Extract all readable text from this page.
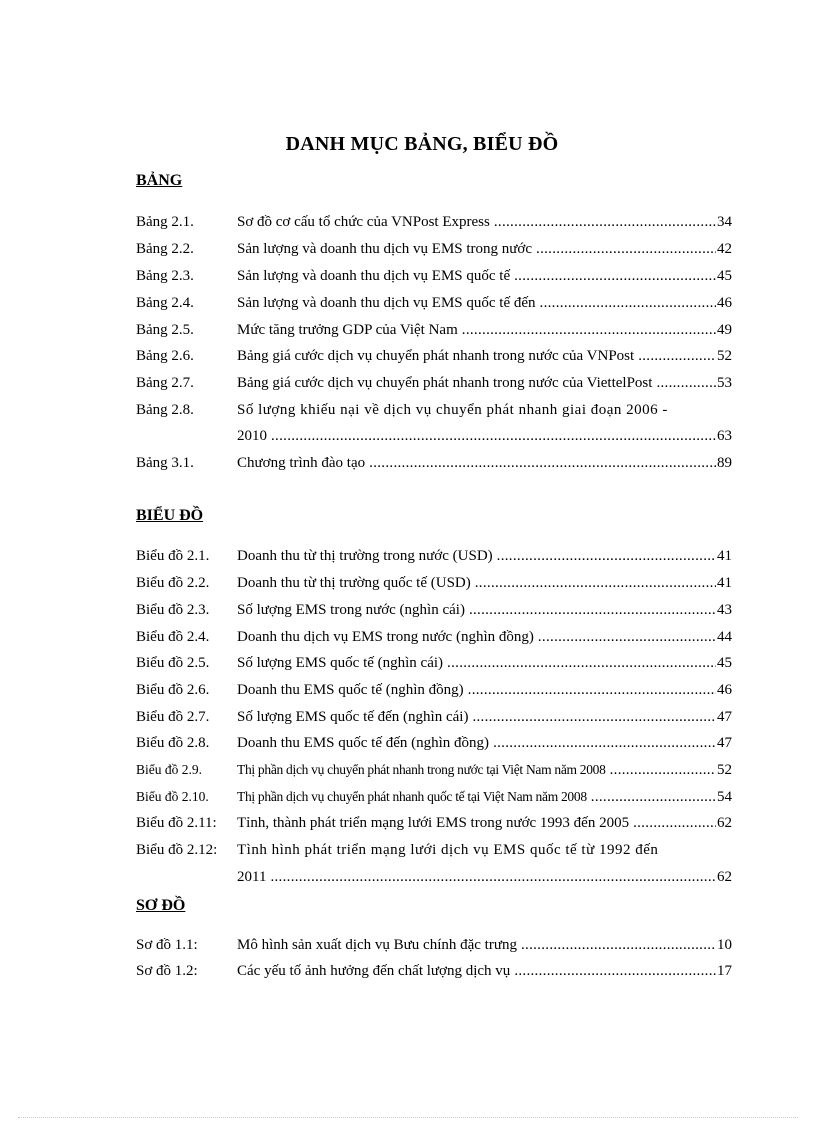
DANH MỤC BẢNG, BIỂU ĐỒ
BẢNG
Bảng 2.1.	Sơ đồ cơ cấu tổ chức của VNPost Express .....	34
Bảng 2.2.	Sản lượng và doanh thu dịch vụ EMS trong nước .....	42
Bảng 2.3.	Sản lượng và doanh thu dịch vụ EMS quốc tế .....	45
Bảng 2.4.	Sản lượng và doanh thu dịch vụ EMS quốc tế đến .....	46
Bảng 2.5.	Mức tăng trưởng GDP của Việt Nam .....	49
Bảng 2.6.	Bảng giá cước dịch vụ chuyển phát nhanh trong nước của VNPost .....	52
Bảng 2.7.	Bảng giá cước dịch vụ chuyển phát nhanh trong nước của ViettelPost .....	53
Bảng 2.8.	Số lượng khiếu nại về dịch vụ chuyển phát nhanh giai đoạn 2006 -
2010 .....	63
Bảng 3.1.	Chương trình đào tạo .....	89
BIỂU ĐỒ
Biểu đồ 2.1. Doanh thu từ thị trường trong nước (USD) .....	41
Biểu đồ 2.2. Doanh thu từ thị trường quốc tế (USD) .....	41
Biểu đồ 2.3. Số lượng EMS trong nước (nghìn cái) .....	43
Biểu đồ 2.4. Doanh thu dịch vụ EMS trong nước (nghìn đồng) .....	44
Biểu đồ 2.5. Số lượng EMS quốc tế (nghìn cái) .....	45
Biểu đồ 2.6. Doanh thu EMS quốc tế (nghìn đồng) .....	46
Biểu đồ 2.7. Số lượng EMS quốc tế đến (nghìn cái) .....	47
Biểu đồ 2.8. Doanh thu EMS quốc tế đến (nghìn đồng) .....	47
Biểu đồ 2.9.	Thị phần dịch vụ chuyển phát nhanh trong nước tại Việt Nam năm 2008 .....	52
Biểu đồ 2.10. Thị phần dịch vụ chuyển phát nhanh quốc tế tại Việt Nam năm 2008 .....	54
Biểu đồ 2.11: Tỉnh, thành phát triển mạng lưới EMS trong nước 1993 đến 2005 .....	62
Biểu đồ 2.12: Tình hình phát triển mạng lưới dịch vụ EMS quốc tế từ 1992 đến
2011 .....	62
SƠ ĐỒ
Sơ đồ 1.1:	Mô hình sản xuất dịch vụ Bưu chính đặc trưng .....	10
Sơ đồ 1.2:	Các yếu tố ảnh hưởng đến chất lượng dịch vụ .....	17
